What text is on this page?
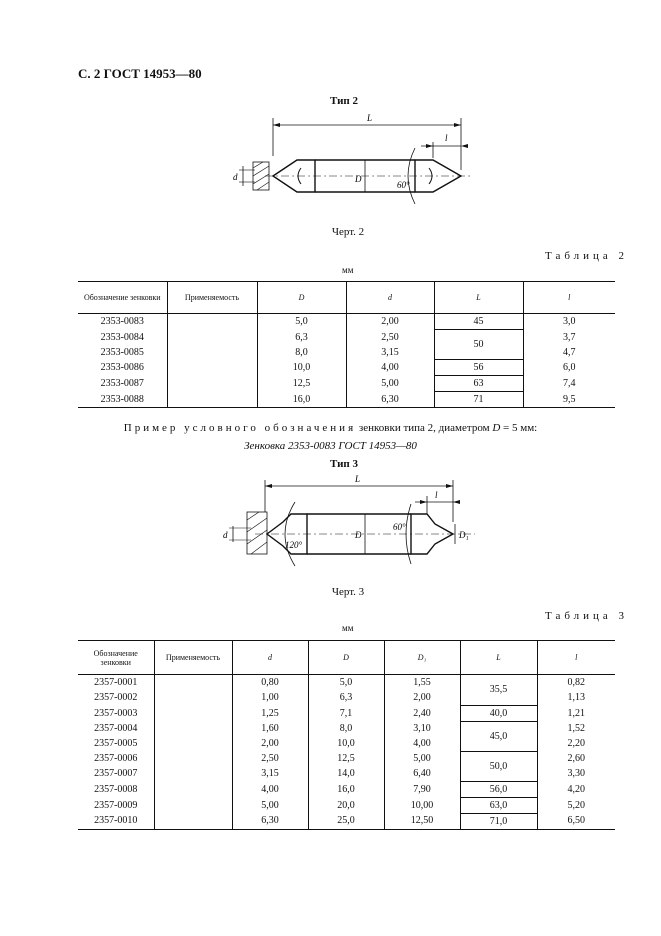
С. 2 ГОСТ 14953—80
Тип 2
L
l
d	D
60°
Черт. 2
Таблица 2
мм
Обозначение зенковки	Применяемость	D	d	L	l
2353-0083		5,0	2,00	45	3,0
2353-0084		6,3	2,50	50	3,7
2353-0085		8,0	3,15		4,7
2353-0086		10,0	4,00	56	6,0
2353-0087		12,5	5,00	63	7,4
2353-0088		16,0	6,30	71	9,5
Пример условного обозначения зенковки типа 2, диаметром D = 5 мм:
Зенковка 2353-0083 ГОСТ 14953—80
Тип 3
L
l
d	D	D₁
120°
60°
Черт. 3
Таблица 3
мм
Обозначение зенковки	Применяемость	d	D	D₁	L	l
2357-0001		0,80	5,0	1,55	35,5	0,82
2357-0002		1,00	6,3	2,00		1,13
2357-0003		1,25	7,1	2,40	40,0	1,21
2357-0004		1,60	8,0	3,10	45,0	1,52
2357-0005		2,00	10,0	4,00		2,20
2357-0006		2,50	12,5	5,00	50,0	2,60
2357-0007		3,15	14,0	6,40		3,30
2357-0008		4,00	16,0	7,90	56,0	4,20
2357-0009		5,00	20,0	10,00	63,0	5,20
2357-0010		6,30	25,0	12,50	71,0	6,50
